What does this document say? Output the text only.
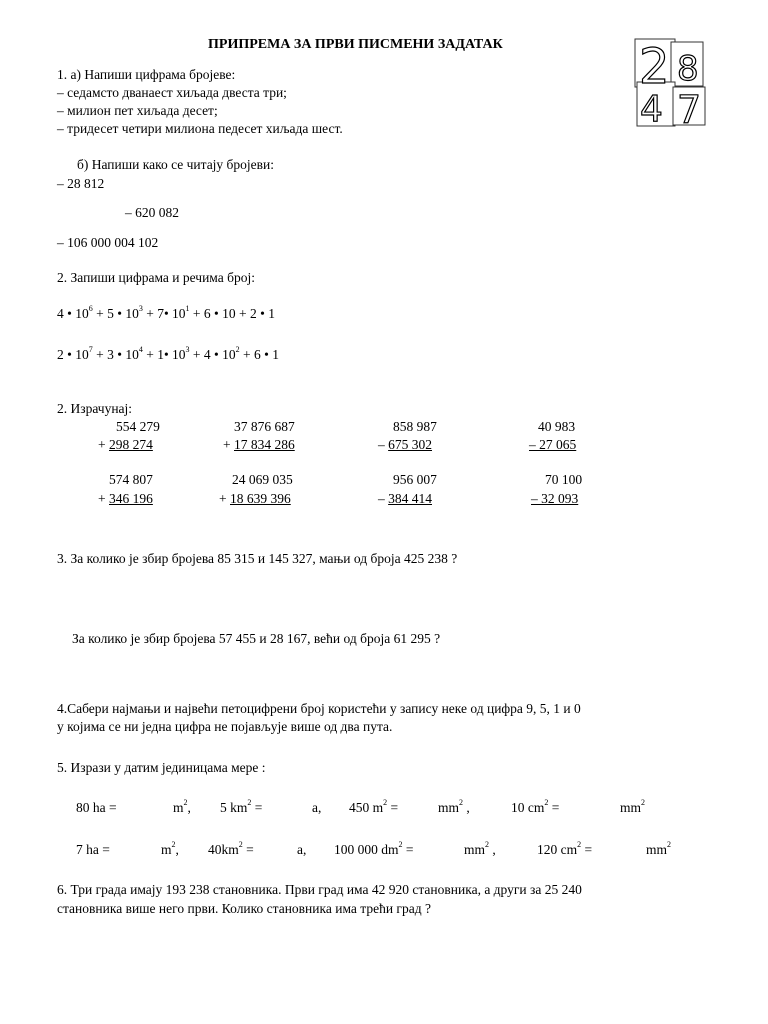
ПРИПРЕМА ЗА ПРВИ ПИСМЕНИ ЗАДАТАК	2 8
4 7
1. а) Напиши цифрама бројеве:
– седамсто дванаест хиљада двеста три;
– милион пет хиљада десет;
– тридесет четири милиона педесет хиљада шест.
б) Напиши како се читају бројеви:
– 28 812
– 620 082
– 106 000 004 102
2. Запиши цифрама и речима број:
4 • $10^6 + 5$ • $10^3$ + 7• $10^1 + 6$ • 10 + 2 • 1
2 • $10^7 + 3$ • $10^4$ + 1• $10^3 + 4$ • $10^2 + 6$ • 1
2. Израчунај:
554 279
+ 298 274
37 876 687
+ 17 834 286
858 987
– 675 302
40 983
– 27 065
574 807
+ 346 196
24 069 035
+ 18 639 396
956 007
– 384 414
70 100
– 32 093
3. За колико је збир бројева 85 315 и 145 327, мањи од броја 425 238 ?
За колико је збир бројева 57 455 и 28 167, већи од броја 61 295 ?
4.Сабери најмањи и највећи петоцифрени број користећи у запису неке од цифра 9, 5, 1 и 0
у којима се ни једна цифра не појављује више од два пута.
5. Изрази у датим јединицама мере :
80 ha =	$m^2$, 5 $km^2$ =	a, 450 $m^2$ =	$mm^2$ ,	10 $cm^2$ =	$mm^2$
7 ha =	$m^2$, $40km^2$ =	a, 100 000 $dm^2$ =	$mm^2$ ,	120 $cm^2$ =	$mm^2$
6. Три града имају 193 238 становника. Први град има 42 920 становника, а други за 25 240
становника више него први. Колико становника има трећи град ?
